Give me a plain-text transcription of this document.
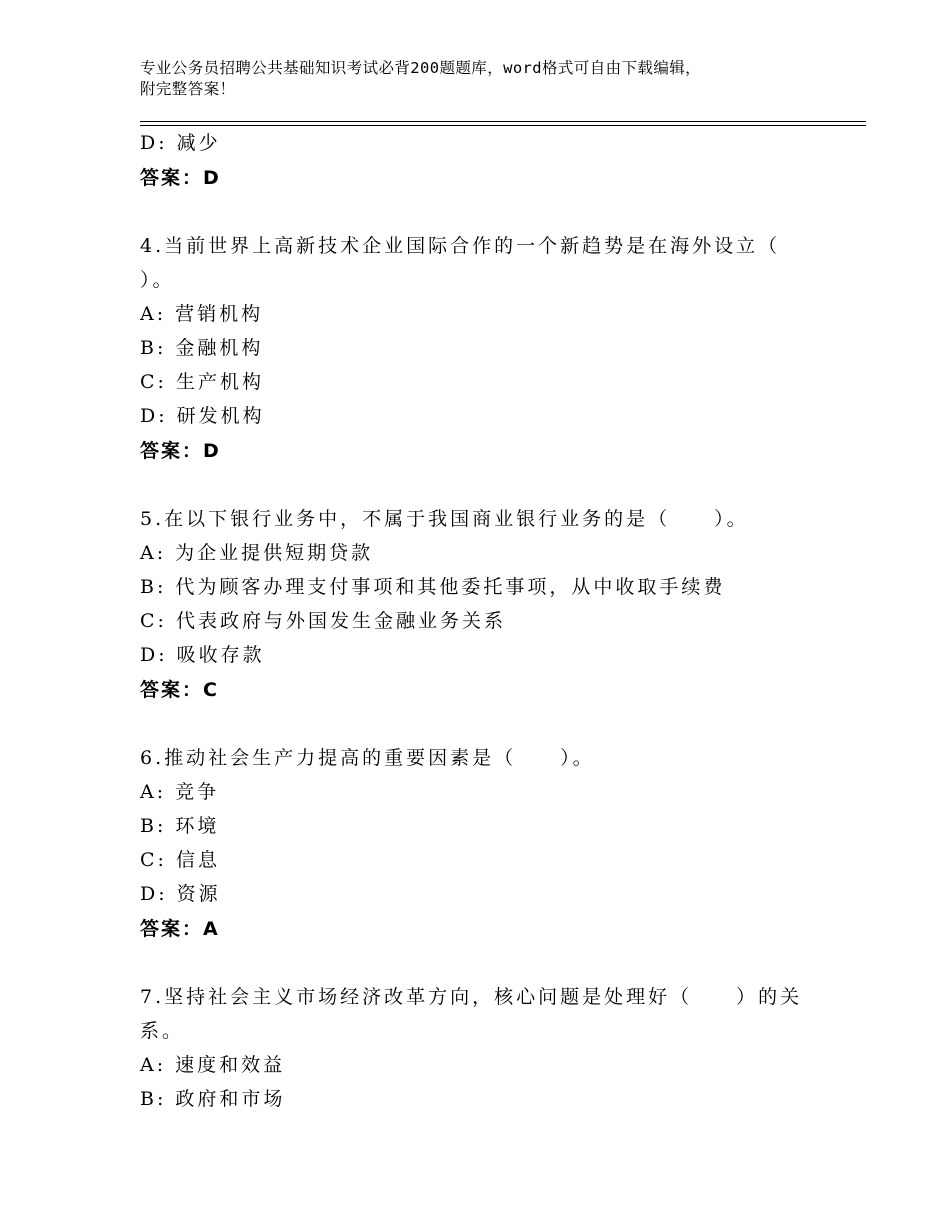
专业公务员招聘公共基础知识考试必背200题题库，word格式可自由下载编辑，
附完整答案！
D: 减少
答案：D
4.当前世界上高新技术企业国际合作的一个新趋势是在海外设立（
）。
A: 营销机构
B: 金融机构
C: 生产机构
D: 研发机构
答案：D
5.在以下银行业务中，不属于我国商业银行业务的是（　　）。
A: 为企业提供短期贷款
B: 代为顾客办理支付事项和其他委托事项，从中收取手续费
C: 代表政府与外国发生金融业务关系
D: 吸收存款
答案：C
6.推动社会生产力提高的重要因素是（　　）。
A: 竞争
B: 环境
C: 信息
D: 资源
答案：A
7.坚持社会主义市场经济改革方向，核心问题是处理好（　　）的关
系。
A: 速度和效益
B: 政府和市场
